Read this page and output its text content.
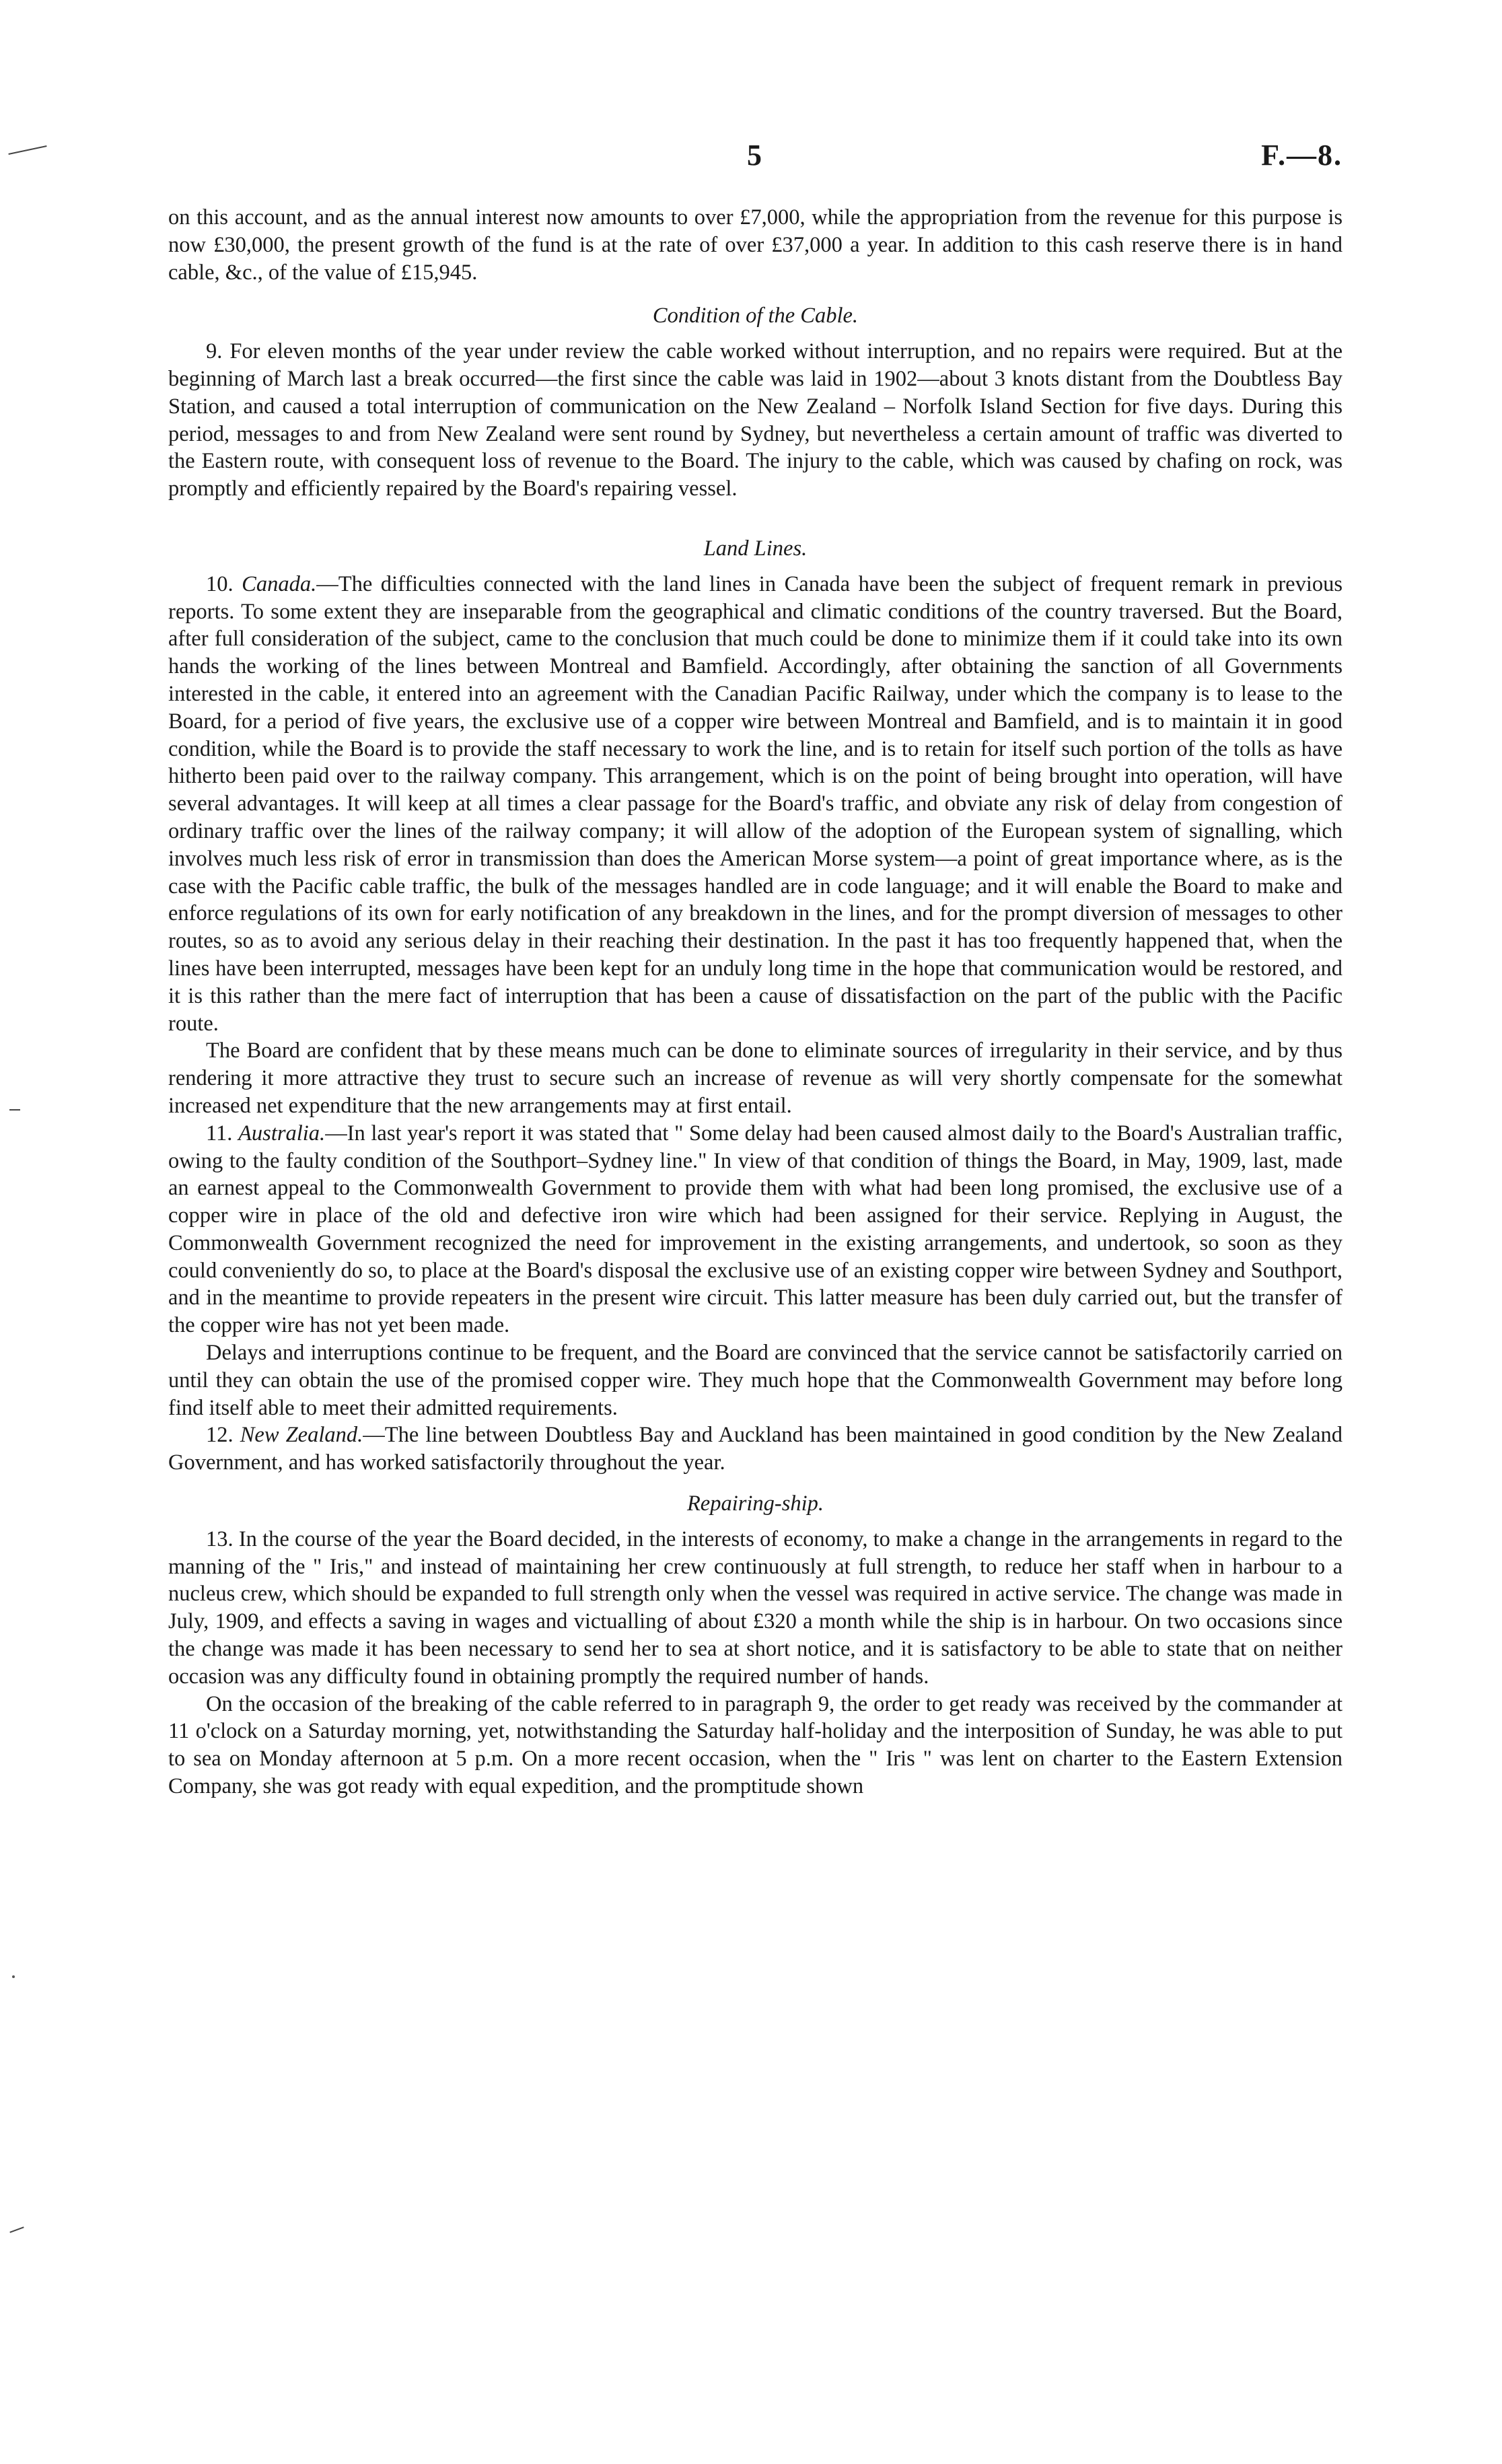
5	F.—8.

on this account, and as the annual interest now amounts to over £7,000, while the appropriation from the revenue for this purpose is now £30,000, the present growth of the fund is at the rate of over £37,000 a year. In addition to this cash reserve there is in hand cable, &c., of the value of £15,945.

Condition of the Cable.

9. For eleven months of the year under review the cable worked without interruption, and no repairs were required. But at the beginning of March last a break occurred—the first since the cable was laid in 1902—about 3 knots distant from the Doubtless Bay Station, and caused a total interruption of communication on the New Zealand – Norfolk Island Section for five days. During this period, messages to and from New Zealand were sent round by Sydney, but nevertheless a certain amount of traffic was diverted to the Eastern route, with consequent loss of revenue to the Board. The injury to the cable, which was caused by chafing on rock, was promptly and efficiently repaired by the Board's repairing vessel.

Land Lines.

10. Canada.—The difficulties connected with the land lines in Canada have been the subject of frequent remark in previous reports. To some extent they are inseparable from the geographical and climatic conditions of the country traversed. But the Board, after full consideration of the subject, came to the conclusion that much could be done to minimize them if it could take into its own hands the working of the lines between Montreal and Bamfield. Accordingly, after obtaining the sanction of all Governments interested in the cable, it entered into an agreement with the Canadian Pacific Railway, under which the company is to lease to the Board, for a period of five years, the exclusive use of a copper wire between Montreal and Bamfield, and is to maintain it in good condition, while the Board is to provide the staff necessary to work the line, and is to retain for itself such portion of the tolls as have hitherto been paid over to the railway company. This arrangement, which is on the point of being brought into operation, will have several advantages. It will keep at all times a clear passage for the Board's traffic, and obviate any risk of delay from congestion of ordinary traffic over the lines of the railway company; it will allow of the adoption of the European system of signalling, which involves much less risk of error in transmission than does the American Morse system—a point of great importance where, as is the case with the Pacific cable traffic, the bulk of the messages handled are in code language; and it will enable the Board to make and enforce regulations of its own for early notification of any breakdown in the lines, and for the prompt diversion of messages to other routes, so as to avoid any serious delay in their reaching their destination. In the past it has too frequently happened that, when the lines have been interrupted, messages have been kept for an unduly long time in the hope that communication would be restored, and it is this rather than the mere fact of interruption that has been a cause of dissatisfaction on the part of the public with the Pacific route.

The Board are confident that by these means much can be done to eliminate sources of irregularity in their service, and by thus rendering it more attractive they trust to secure such an increase of revenue as will very shortly compensate for the somewhat increased net expenditure that the new arrangements may at first entail.

11. Australia.—In last year's report it was stated that " Some delay had been caused almost daily to the Board's Australian traffic, owing to the faulty condition of the Southport–Sydney line." In view of that condition of things the Board, in May, 1909, last, made an earnest appeal to the Commonwealth Government to provide them with what had been long promised, the exclusive use of a copper wire in place of the old and defective iron wire which had been assigned for their service. Replying in August, the Commonwealth Government recognized the need for improvement in the existing arrangements, and undertook, so soon as they could conveniently do so, to place at the Board's disposal the exclusive use of an existing copper wire between Sydney and Southport, and in the meantime to provide repeaters in the present wire circuit. This latter measure has been duly carried out, but the transfer of the copper wire has not yet been made.

Delays and interruptions continue to be frequent, and the Board are convinced that the service cannot be satisfactorily carried on until they can obtain the use of the promised copper wire. They much hope that the Commonwealth Government may before long find itself able to meet their admitted requirements.

12. New Zealand.—The line between Doubtless Bay and Auckland has been maintained in good condition by the New Zealand Government, and has worked satisfactorily throughout the year.

Repairing-ship.

13. In the course of the year the Board decided, in the interests of economy, to make a change in the arrangements in regard to the manning of the " Iris," and instead of maintaining her crew continuously at full strength, to reduce her staff when in harbour to a nucleus crew, which should be expanded to full strength only when the vessel was required in active service. The change was made in July, 1909, and effects a saving in wages and victualling of about £320 a month while the ship is in harbour. On two occasions since the change was made it has been necessary to send her to sea at short notice, and it is satisfactory to be able to state that on neither occasion was any difficulty found in obtaining promptly the required number of hands.

On the occasion of the breaking of the cable referred to in paragraph 9, the order to get ready was received by the commander at 11 o'clock on a Saturday morning, yet, notwithstanding the Saturday half-holiday and the interposition of Sunday, he was able to put to sea on Monday afternoon at 5 p.m. On a more recent occasion, when the " Iris " was lent on charter to the Eastern Extension Company, she was got ready with equal expedition, and the promptitude shown
